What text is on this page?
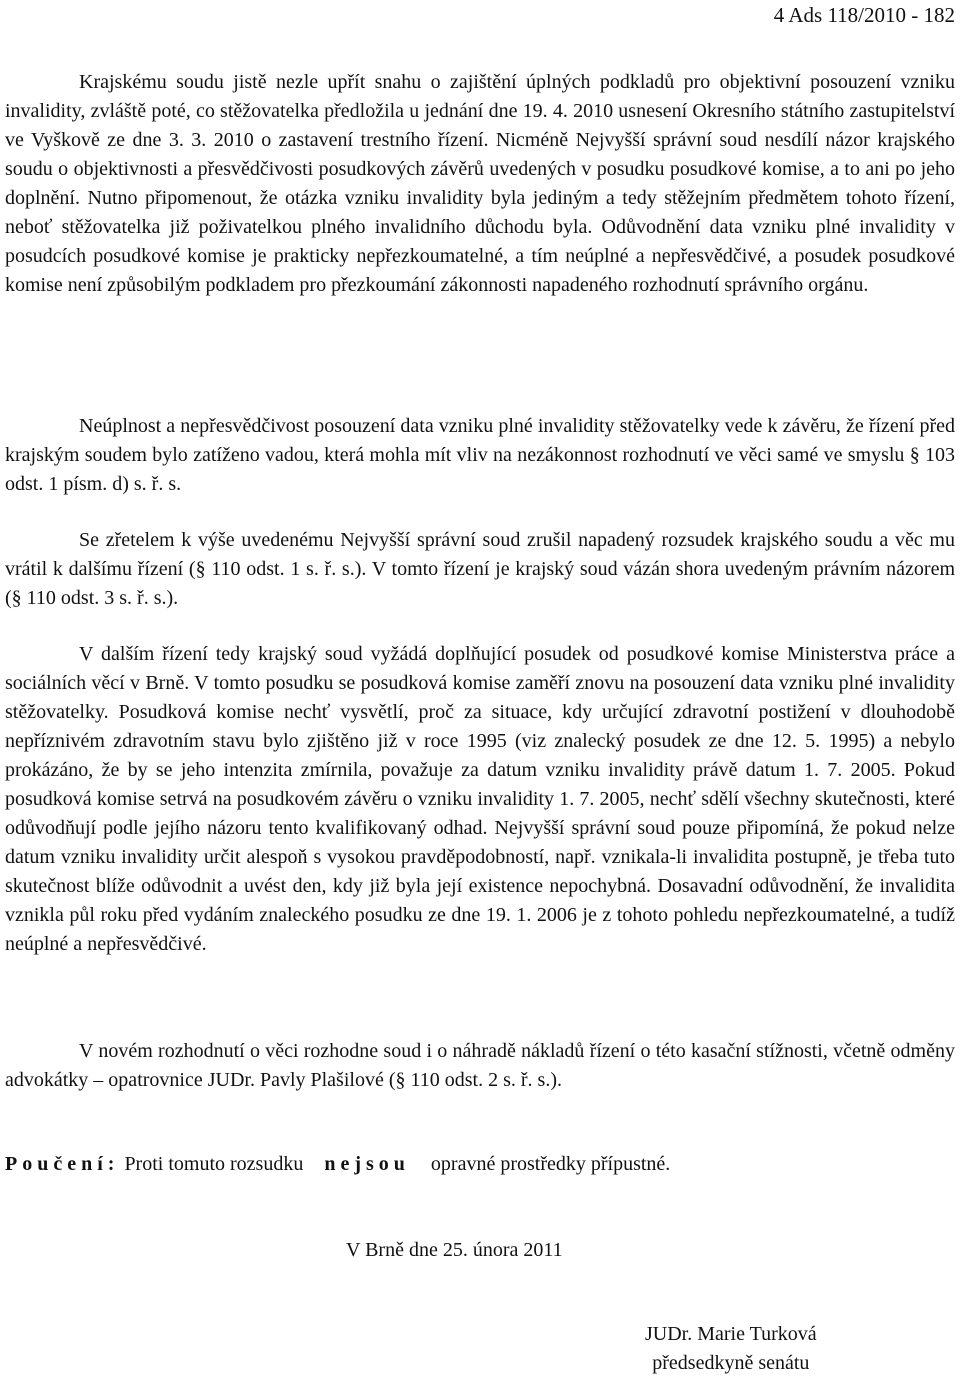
4 Ads 118/2010 - 182

Krajskému soudu jistě nezle upřít snahu o zajištění úplných podkladů pro objektivní posouzení vzniku invalidity, zvláště poté, co stěžovatelka předložila u jednání dne 19. 4. 2010 usnesení Okresního státního zastupitelství ve Vyškově ze dne 3. 3. 2010 o zastavení trestního řízení. Nicméně Nejvyšší správní soud nesdílí názor krajského soudu o objektivnosti a přesvědčivosti posudkových závěrů uvedených v posudku posudkové komise, a to ani po jeho doplnění. Nutno připomenout, že otázka vzniku invalidity byla jediným a tedy stěžejním předmětem tohoto řízení, neboť stěžovatelka již poživatelkou plného invalidního důchodu byla. Odůvodnění data vzniku plné invalidity v posudcích posudkové komise je prakticky nepřezkoumatelné, a tím neúplné a nepřesvědčivé, a posudek posudkové komise není způsobilým podkladem pro přezkoumání zákonnosti napadeného rozhodnutí správního orgánu.

Neúplnost a nepřesvědčivost posouzení data vzniku plné invalidity stěžovatelky vede k závěru, že řízení před krajským soudem bylo zatíženo vadou, která mohla mít vliv na nezákonnost rozhodnutí ve věci samé ve smyslu § 103 odst. 1 písm. d) s. ř. s.

Se zřetelem k výše uvedenému Nejvyšší správní soud zrušil napadený rozsudek krajského soudu a věc mu vrátil k dalšímu řízení (§ 110 odst. 1 s. ř. s.). V tomto řízení je krajský soud vázán shora uvedeným právním názorem (§ 110 odst. 3 s. ř. s.).

V dalším řízení tedy krajský soud vyžádá doplňující posudek od posudkové komise Ministerstva práce a sociálních věcí v Brně. V tomto posudku se posudková komise zaměří znovu na posouzení data vzniku plné invalidity stěžovatelky. Posudková komise nechť vysvětlí, proč za situace, kdy určující zdravotní postižení v dlouhodobě nepříznivém zdravotním stavu bylo zjištěno již v roce 1995 (viz znalecký posudek ze dne 12. 5. 1995) a nebylo prokázáno, že by se jeho intenzita zmírnila, považuje za datum vzniku invalidity právě datum 1. 7. 2005. Pokud posudková komise setrvá na posudkovém závěru o vzniku invalidity 1. 7. 2005, nechť sdělí všechny skutečnosti, které odůvodňují podle jejího názoru tento kvalifikovaný odhad. Nejvyšší správní soud pouze připomíná, že pokud nelze datum vzniku invalidity určit alespoň s vysokou pravděpodobností, např. vznikala-li invalidita postupně, je třeba tuto skutečnost blíže odůvodnit a uvést den, kdy již byla její existence nepochybná. Dosavadní odůvodnění, že invalidita vznikla půl roku před vydáním znaleckého posudku ze dne 19. 1. 2006 je z tohoto pohledu nepřezkoumatelné, a tudíž neúplné a nepřesvědčivé.

V novém rozhodnutí o věci rozhodne soud i o náhradě nákladů řízení o této kasační stížnosti, včetně odměny advokátky – opatrovnice JUDr. Pavly Plašilové (§ 110 odst. 2 s. ř. s.).

Poučení: Proti tomuto rozsudku nejsou opravné prostředky přípustné.
V Brně dne 25. února 2011
JUDr. Marie Turková
předsedkyně senátu
